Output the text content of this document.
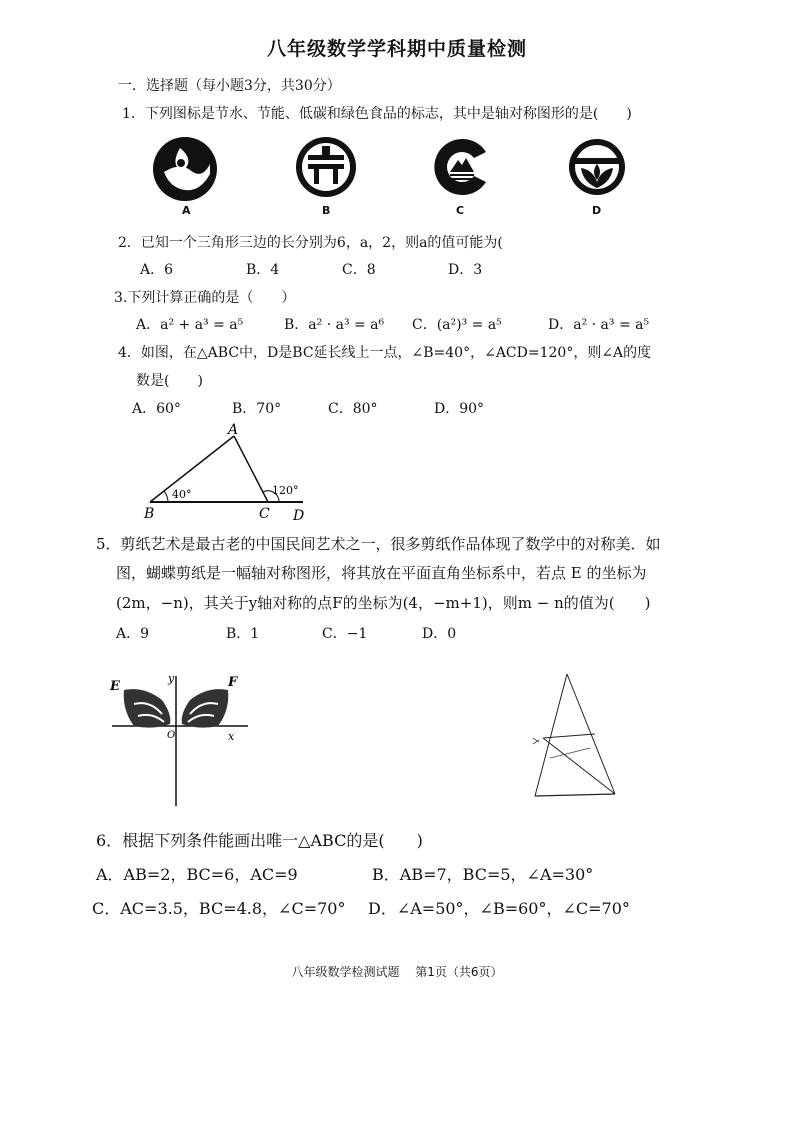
八年级数学学科期中质量检测
一．选择题（每小题3分，共30分）
1．下列图标是节水、节能、低碳和绿色食品的标志，其中是轴对称图形的是(　　)
A	B	C	D
2．已知一个三角形三边的长分别为6，a，2，则a的值可能为(
A．6	B．4	C．8	D．3
3.下列计算正确的是（　　）
A．a² + a³ = a⁵	B．a² · a³ = a⁶ C．(a²)³ = a⁵	D．a² · a³ = a⁵
4．如图，在△ABC中，D是BC延长线上一点，∠B=40°，∠ACD=120°，则∠A的度
数是(　　)
A．60°	B．70°	C．80°	D．90°
A
B	C D
40°	120°
5．剪纸艺术是最古老的中国民间艺术之一，很多剪纸作品体现了数学中的对称美．如
图，蝴蝶剪纸是一幅轴对称图形，将其放在平面直角坐标系中，若点 E 的坐标为
(2m，−n)，其关于y轴对称的点F的坐标为(4，−m+1)，则m − n的值为(　　)
A．9	B．1	C．−1	D．0
E	F
y
x
O
6．根据下列条件能画出唯一△ABC的是(　　)
A．AB=2，BC=6，AC=9	B．AB=7，BC=5，∠A=30°
C．AC=3.5，BC=4.8，∠C=70° D．∠A=50°，∠B=60°，∠C=70°
八年级数学检测试题　 第1页（共6页）
